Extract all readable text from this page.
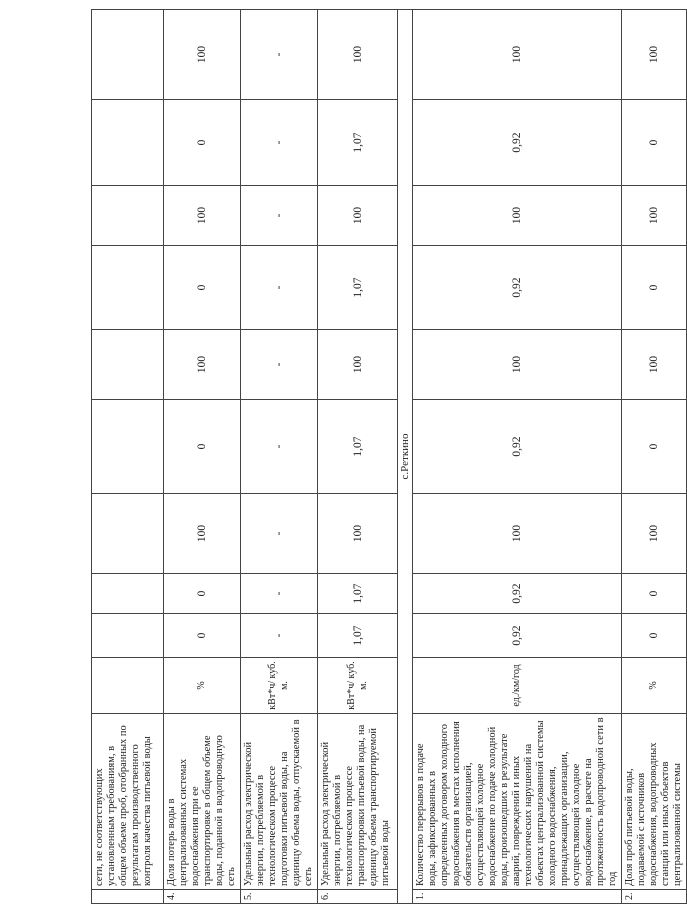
	сети, не соответствующих установленным требованиям, в общем объеме проб, отобранных по результатам производственного контроля качества питьевой воды										
4.	Доля потерь воды в централизованных системах водоснабжения при ее транспортировке в общем объеме воды, поданной в водопроводную сеть	%	0	0	100	0	100	0	100	0	100
5.	Удельный расход электрической энергии, потребляемой в технологическом процессе подготовки питьевой воды, на единицу объема воды, отпускаемой в сеть	кВт*ч/ куб. м.	-	-	-	-	-	-	-	-	-
6.	Удельный расход электрической энергии, потребляемой в технологическом процессе транспортировки питьевой воды, на единицу объема транспортируемой питьевой воды	кВт*ч/ куб. м.	1,07	1,07	100	1,07	100	1,07	100	1,07	100
с.Реткино											
1.	Количество перерывов в подаче воды, зафиксированных в определенных договором холодного водоснабжения в местах исполнения обязательств организацией, осуществляющей холодное водоснабжение по подаче холодной воды, произошедших в результате аварий, повреждений и иных технологических нарушений на объектах централизованной системы холодного водоснабжения, принадлежащих организации, осуществляющей холодное водоснабжение, в расчете на протяженность водопроводной сети в год	ед./км/год	0,92	0,92	100	0,92	100	0,92	100	0,92	100
2.	Доля проб питьевой воды, подаваемой с источников водоснабжения, водопроводных станций или иных объектов централизованной системы	%	0	0	100	0	100	0	100	0	100
